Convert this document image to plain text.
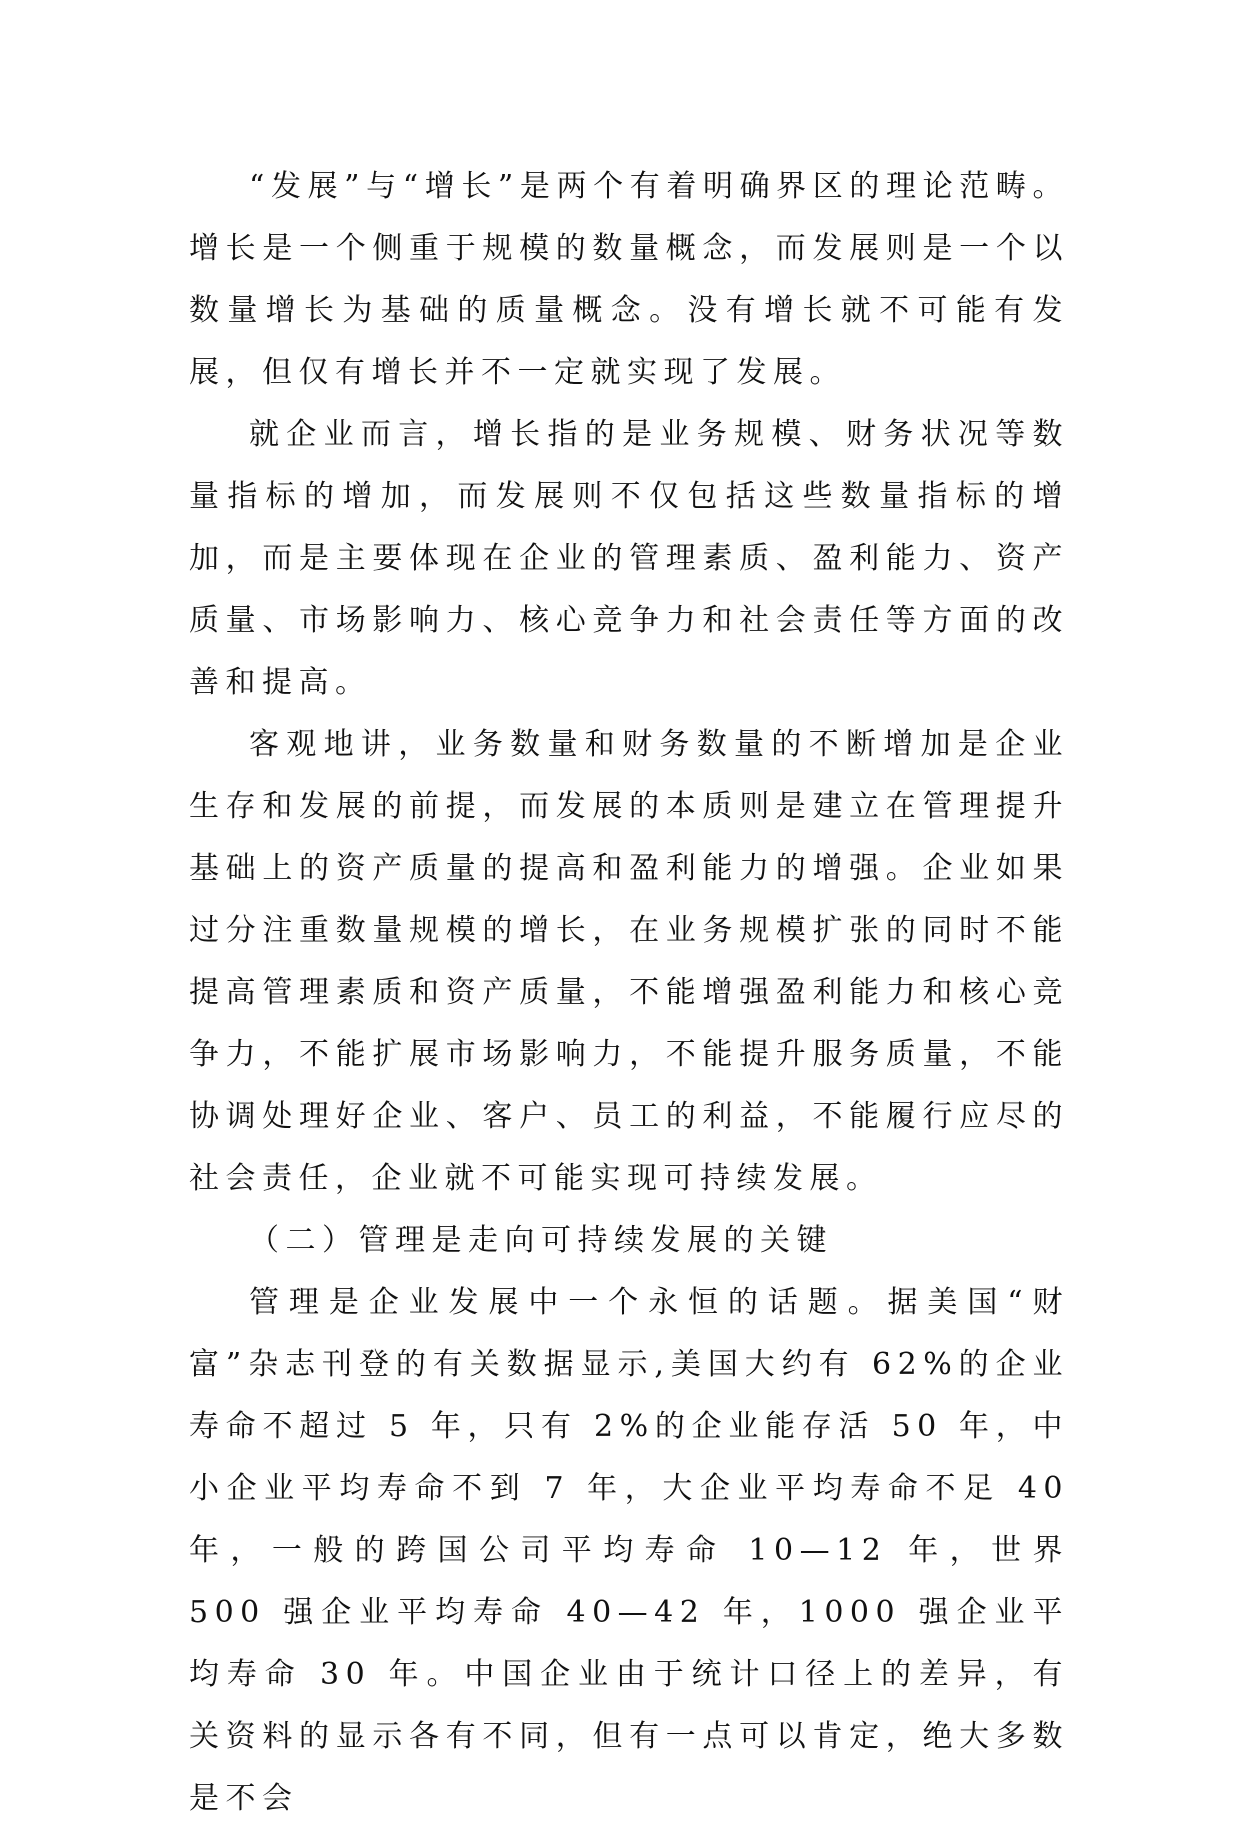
“发展”与“增长”是两个有着明确界区的理论范畴。增长是一个侧重于规模的数量概念，而发展则是一个以数量增长为基础的质量概念。没有增长就不可能有发展，但仅有增长并不一定就实现了发展。

就企业而言，增长指的是业务规模、财务状况等数量指标的增加，而发展则不仅包括这些数量指标的增加，而是主要体现在企业的管理素质、盈利能力、资产质量、市场影响力、核心竞争力和社会责任等方面的改善和提高。

客观地讲，业务数量和财务数量的不断增加是企业生存和发展的前提，而发展的本质则是建立在管理提升基础上的资产质量的提高和盈利能力的增强。企业如果过分注重数量规模的增长，在业务规模扩张的同时不能提高管理素质和资产质量，不能增强盈利能力和核心竞争力，不能扩展市场影响力，不能提升服务质量，不能协调处理好企业、客户、员工的利益，不能履行应尽的社会责任，企业就不可能实现可持续发展。

（二）管理是走向可持续发展的关键

管理是企业发展中一个永恒的话题。据美国“财富”杂志刊登的有关数据显示,美国大约有 62%的企业寿命不超过 5 年，只有 2%的企业能存活 50 年，中小企业平均寿命不到 7 年，大企业平均寿命不足 40 年，一般的跨国公司平均寿命 10—12 年，世界 500 强企业平均寿命 40—42 年，1000 强企业平均寿命 30 年。中国企业由于统计口径上的差异，有关资料的显示各有不同，但有一点可以肯定，绝大多数是不会
